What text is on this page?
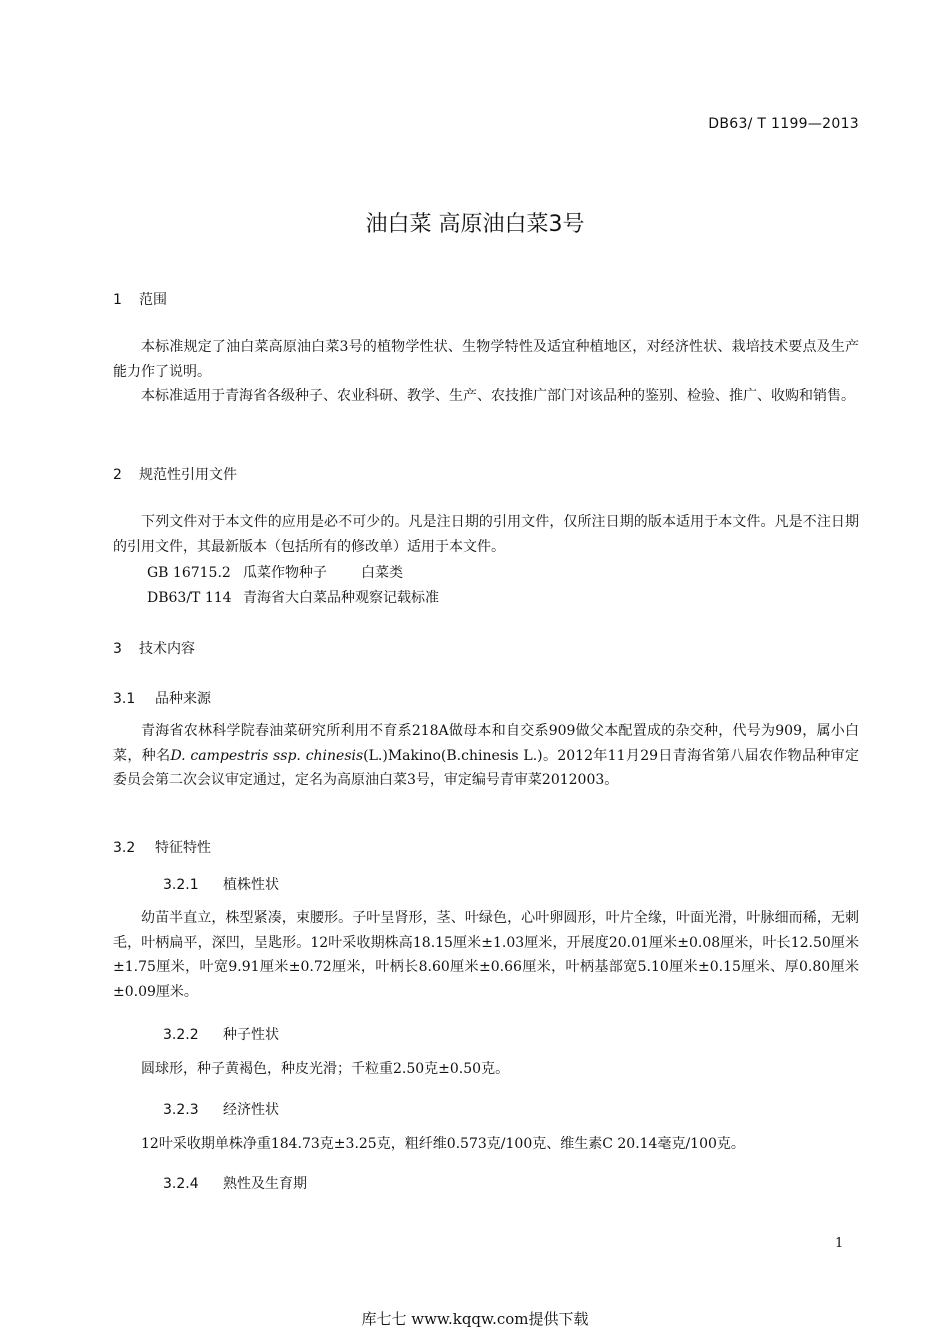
DB63/ T 1199—2013
油白菜 高原油白菜3号
1 范围

本标准规定了油白菜高原油白菜3号的植物学性状、生物学特性及适宜种植地区，对经济性状、栽培技术要点及生产能力作了说明。

本标准适用于青海省各级种子、农业科研、教学、生产、农技推广部门对该品种的鉴别、检验、推广、收购和销售。

2 规范性引用文件

下列文件对于本文件的应用是必不可少的。凡是注日期的引用文件，仅所注日期的版本适用于本文件。凡是不注日期的引用文件，其最新版本（包括所有的修改单）适用于本文件。

GB 16715.2 瓜菜作物种子 白菜类
DB63/T 114 青海省大白菜品种观察记载标准
3 技术内容
3.1 品种来源

青海省农林科学院春油菜研究所利用不育系218A做母本和自交系909做父本配置成的杂交种，代号为909，属小白菜，种名D. campestris ssp. chinesis(L.)Makino(B.chinesis L.)。2012年11月29日青海省第八届农作物品种审定委员会第二次会议审定通过，定名为高原油白菜3号，审定编号青审菜2012003。

3.2 特征特性
3.2.1 植株性状

幼苗半直立，株型紧凑，束腰形。子叶呈肾形，茎、叶绿色，心叶卵圆形，叶片全缘，叶面光滑，叶脉细而稀，无刺毛，叶柄扁平，深凹，呈匙形。12叶采收期株高18.15厘米±1.03厘米，开展度20.01厘米±0.08厘米，叶长12.50厘米±1.75厘米，叶宽9.91厘米±0.72厘米，叶柄长8.60厘米±0.66厘米，叶柄基部宽5.10厘米±0.15厘米、厚0.80厘米±0.09厘米。

3.2.2 种子性状

圆球形，种子黄褐色，种皮光滑；千粒重2.50克±0.50克。

3.2.3 经济性状

12叶采收期单株净重184.73克±3.25克，粗纤维0.573克/100克、维生素C 20.14毫克/100克。

3.2.4 熟性及生育期
1
库七七 www.kqqw.com提供下载
